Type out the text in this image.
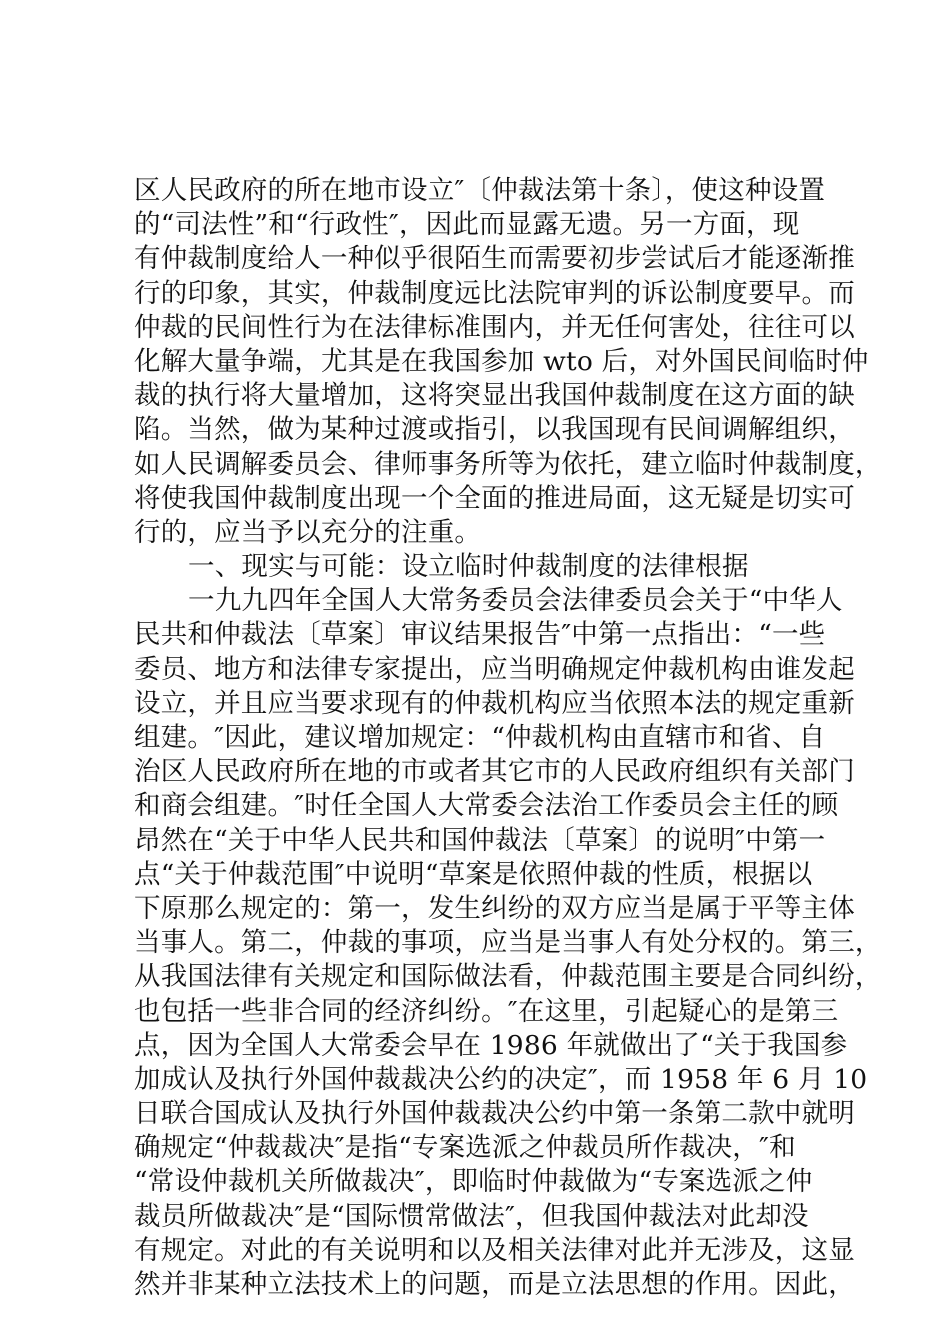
区人民政府的所在地市设立″〔仲裁法第十条〕，使这种设置
的“司法性”和“行政性″，因此而显露无遗。另一方面，现
有仲裁制度给人一种似乎很陌生而需要初步尝试后才能逐渐推
行的印象，其实，仲裁制度远比法院审判的诉讼制度要早。而
仲裁的民间性行为在法律标准围内，并无任何害处，往往可以
化解大量争端，尤其是在我国参加 wto 后，对外国民间临时仲
裁的执行将大量增加，这将突显出我国仲裁制度在这方面的缺
陷。当然，做为某种过渡或指引，以我国现有民间调解组织，
如人民调解委员会、律师事务所等为依托，建立临时仲裁制度，
将使我国仲裁制度出现一个全面的推进局面，这无疑是切实可
行的，应当予以充分的注重。
一、现实与可能：设立临时仲裁制度的法律根据
一九九四年全国人大常务委员会法律委员会关于“中华人
民共和仲裁法〔草案〕审议结果报告″中第一点指出：“一些
委员、地方和法律专家提出，应当明确规定仲裁机构由谁发起
设立，并且应当要求现有的仲裁机构应当依照本法的规定重新
组建。″因此，建议增加规定：“仲裁机构由直辖市和省、自
治区人民政府所在地的市或者其它市的人民政府组织有关部门
和商会组建。″时任全国人大常委会法治工作委员会主任的顾
昂然在“关于中华人民共和国仲裁法〔草案〕的说明″中第一
点“关于仲裁范围″中说明“草案是依照仲裁的性质，根据以
下原那么规定的：第一，发生纠纷的双方应当是属于平等主体
当事人。第二，仲裁的事项，应当是当事人有处分权的。第三，
从我国法律有关规定和国际做法看，仲裁范围主要是合同纠纷，
也包括一些非合同的经济纠纷。″在这里，引起疑心的是第三
点，因为全国人大常委会早在 1986 年就做出了“关于我国参
加成认及执行外国仲裁裁决公约的决定″，而 1958 年 6 月 10
日联合国成认及执行外国仲裁裁决公约中第一条第二款中就明
确规定“仲裁裁决″是指“专案选派之仲裁员所作裁决，″和
“常设仲裁机关所做裁决″，即临时仲裁做为“专案选派之仲
裁员所做裁决″是“国际惯常做法″，但我国仲裁法对此却没
有规定。对此的有关说明和以及相关法律对此并无涉及，这显
然并非某种立法技术上的问题，而是立法思想的作用。因此，
